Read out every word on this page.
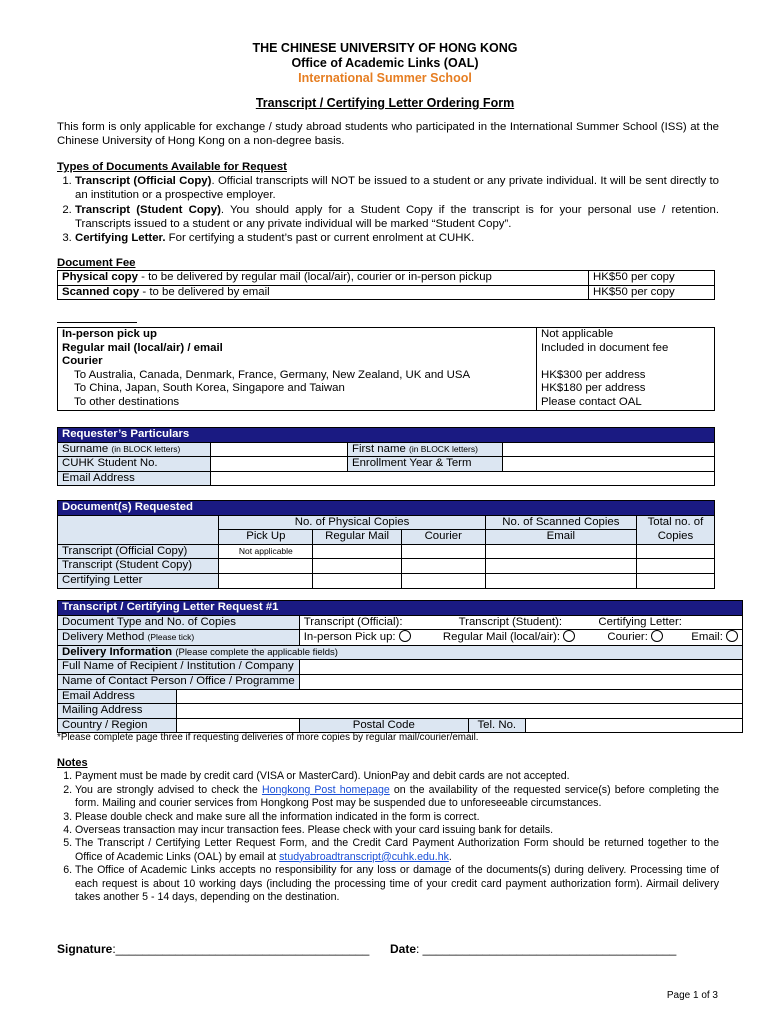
THE CHINESE UNIVERSITY OF HONG KONG
Office of Academic Links (OAL)
International Summer School
Transcript / Certifying Letter Ordering Form
This form is only applicable for exchange / study abroad students who participated in the International Summer School (ISS) at the Chinese University of Hong Kong on a non-degree basis.
Types of Documents Available for Request
1. Transcript (Official Copy). Official transcripts will NOT be issued to a student or any private individual. It will be sent directly to an institution or a prospective employer.
2. Transcript (Student Copy). You should apply for a Student Copy if the transcript is for your personal use / retention. Transcripts issued to a student or any private individual will be marked “Student Copy”.
3. Certifying Letter. For certifying a student’s past or current enrolment at CUHK.
Document Fee
Physical copy - to be delivered by regular mail (local/air), courier or in-person pickup	HK$50 per copy
Scanned copy - to be delivered by email	HK$50 per copy
In-person pick up	Not applicable
Regular mail (local/air) / email	Included in document fee
Courier	
To Australia, Canada, Denmark, France, Germany, New Zealand, UK and USA	HK$300 per address
To China, Japan, South Korea, Singapore and Taiwan	HK$180 per address
To other destinations	Please contact OAL
Requester’s Particulars			
Surname (in BLOCK letters)		First name (in BLOCK letters)	
CUHK Student No.		Enrollment Year & Term	
Email Address			
Document(s) Requested					
	No. of Physical Copies			No. of Scanned Copies	Total no. of
	Pick Up	Regular Mail	Courier	Email	Copies
Transcript (Official Copy)	Not applicable				
Transcript (Student Copy)					
Certifying Letter					
Transcript / Certifying Letter Request #1				
Document Type and No. of Copies		Transcript (Official): Transcript (Student): Certifying Letter:		
Delivery Method (Please tick)		In-person Pick up: Regular Mail (local/air): Courier: Email:		
Delivery Information (Please complete the applicable fields)				
Full Name of Recipient / Institution / Company				
Name of Contact Person / Office / Programme				
Email Address				
Mailing Address				
Country / Region		Postal Code	Tel. No.	
*Please complete page three if requesting deliveries of more copies by regular mail/courier/email.
Notes
1. Payment must be made by credit card (VISA or MasterCard). UnionPay and debit cards are not accepted.
2. You are strongly advised to check the Hongkong Post homepage on the availability of the requested service(s) before completing the form. Mailing and courier services from Hongkong Post may be suspended due to unforeseeable circumstances.
3. Please double check and make sure all the information indicated in the form is correct.
4. Overseas transaction may incur transaction fees. Please check with your card issuing bank for details.
5. The Transcript / Certifying Letter Request Form, and the Credit Card Payment Authorization Form should be returned together to the Office of Academic Links (OAL) by email at studyabroadtranscript@cuhk.edu.hk.
6. The Office of Academic Links accepts no responsibility for any loss or damage of the documents(s) during delivery. Processing time of each request is about 10 working days (including the processing time of your credit card payment authorization form). Airmail delivery takes another 5 - 14 days, depending on the destination.
Signature:______________________________________ Date: ______________________________________
Page 1 of 3
